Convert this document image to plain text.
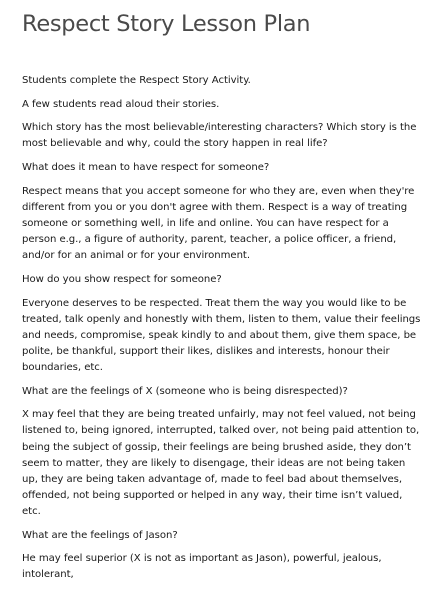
Respect Story Lesson Plan

Students complete the Respect Story Activity.

A few students read aloud their stories.

Which story has the most believable/interesting characters? Which story is the most believable and why, could the story happen in real life?

What does it mean to have respect for someone?

Respect means that you accept someone for who they are, even when they're different from you or you don't agree with them. Respect is a way of treating someone or something well, in life and online. You can have respect for a person e.g., a figure of authority, parent, teacher, a police officer, a friend, and/or for an animal or for your environment.

How do you show respect for someone?

Everyone deserves to be respected. Treat them the way you would like to be treated, talk openly and honestly with them, listen to them, value their feelings and needs, compromise, speak kindly to and about them, give them space, be polite, be thankful, support their likes, dislikes and interests, honour their boundaries, etc.

What are the feelings of X (someone who is being disrespected)?

X may feel that they are being treated unfairly, may not feel valued, not being listened to, being ignored, interrupted, talked over, not being paid attention to, being the subject of gossip, their feelings are being brushed aside, they don’t seem to matter, they are likely to disengage, their ideas are not being taken up, they are being taken advantage of, made to feel bad about themselves, offended, not being supported or helped in any way, their time isn’t valued, etc.

What are the feelings of Jason?

He may feel superior (X is not as important as Jason), powerful, jealous, intolerant,
